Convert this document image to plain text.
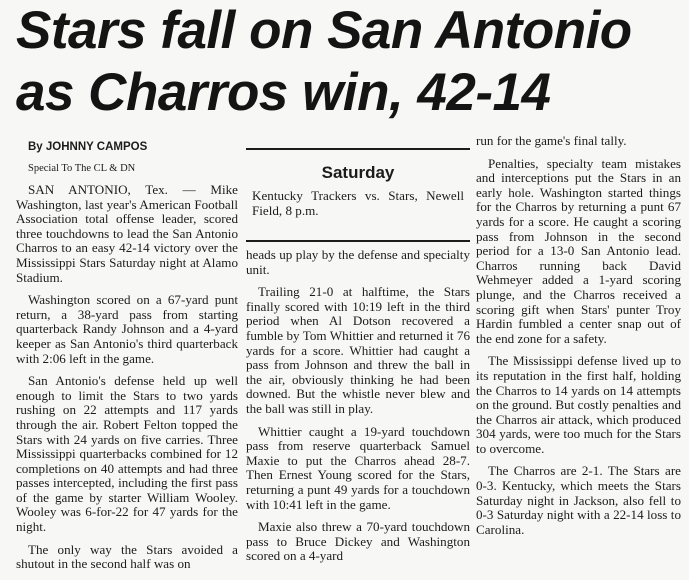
Stars fall on San Antonio
as Charros win, 42-14

By JOHNNY CAMPOS

Special To The CL & DN

SAN ANTONIO, Tex. — Mike Washington, last year's American Football Association total offense leader, scored three touchdowns to lead the San Antonio Charros to an easy 42-14 victory over the Mississippi Stars Saturday night at Alamo Stadium.

Washington scored on a 67-yard punt return, a 38-yard pass from starting quarterback Randy Johnson and a 4-yard keeper as San Antonio's third quarterback with 2:06 left in the game.

San Antonio's defense held up well enough to limit the Stars to two yards rushing on 22 attempts and 117 yards through the air. Robert Felton topped the Stars with 24 yards on five carries. Three Mississippi quarterbacks combined for 12 completions on 40 attempts and had three passes intercepted, including the first pass of the game by starter William Wooley. Wooley was 6-for-22 for 47 yards for the night.

The only way the Stars avoided a shutout in the second half was on

Saturday
Kentucky Trackers vs. Stars, Newell Field, 8 p.m.

heads up play by the defense and specialty unit.

Trailing 21-0 at halftime, the Stars finally scored with 10:19 left in the third period when Al Dotson recovered a fumble by Tom Whittier and returned it 76 yards for a score. Whittier had caught a pass from Johnson and threw the ball in the air, obviously thinking he had been downed. But the whistle never blew and the ball was still in play.

Whittier caught a 19-yard touchdown pass from reserve quarterback Samuel Maxie to put the Charros ahead 28-7. Then Ernest Young scored for the Stars, returning a punt 49 yards for a touchdown with 10:41 left in the game.

Maxie also threw a 70-yard touchdown pass to Bruce Dickey and Washington scored on a 4-yard

run for the game's final tally.

Penalties, specialty team mistakes and interceptions put the Stars in an early hole. Washington started things for the Charros by returning a punt 67 yards for a score. He caught a scoring pass from Johnson in the second period for a 13-0 San Antonio lead. Charros running back David Wehmeyer added a 1-yard scoring plunge, and the Charros received a scoring gift when Stars' punter Troy Hardin fumbled a center snap out of the end zone for a safety.

The Mississippi defense lived up to its reputation in the first half, holding the Charros to 14 yards on 14 attempts on the ground. But costly penalties and the Charros air attack, which produced 304 yards, were too much for the Stars to overcome.

The Charros are 2-1. The Stars are 0-3. Kentucky, which meets the Stars Saturday night in Jackson, also fell to 0-3 Saturday night with a 22-14 loss to Carolina.
